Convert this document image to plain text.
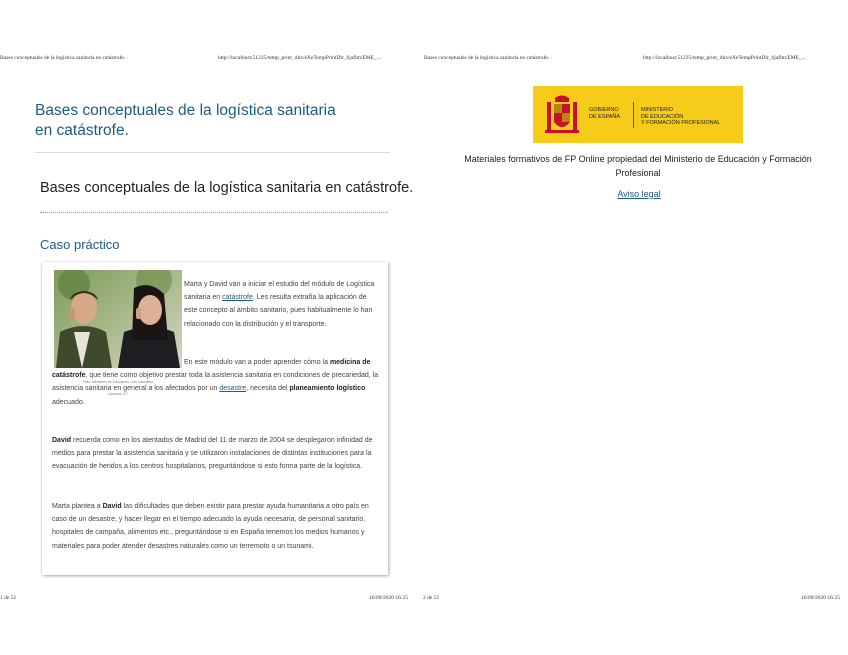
Bases conceptuales de la logística sanitaria en catástrofe.	http://localhost:51235/temp_print_dirs/eXeTempPrintDir_6jaflm/EME_...	Bases conceptuales de la logística sanitaria en catástrofe.	http://localhost:51235/temp_print_dirs/eXeTempPrintDir_6jaflm/EME_...
Bases conceptuales de la logística sanitaria en catástrofe.
Bases conceptuales de la logística sanitaria en catástrofe.
Caso práctico
Foto: Ministerio de Educación. Uso educativo
Licencia: CC

Marta y David van a iniciar el estudio del módulo de Logística sanitaria en catástrofe. Les resulta extraña la aplicación de este concepto al ámbito sanitario, pues habitualmente lo han relacionado con la distribución y el transporte.

En este módulo van a poder aprender cómo la medicina de catástrofe, que tiene como objetivo prestar toda la asistencia sanitaria en condiciones de precariedad, la asistencia sanitaria en general a los afectados por un desastre, necesita del planeamiento logístico adecuado.

David recuerda como en los atentados de Madrid del 11 de marzo de 2004 se desplegaron infinidad de medios para prestar la asistencia sanitaria y se utilizaron instalaciones de distintas instituciones para la evacuación de heridos a los centros hospitalarios, preguntándose si esto forma parte de la logística.

Marta plantea a David las dificultades que deben existir para prestar ayuda humanitaria a otro país en caso de un desastre, y hacer llegar en el tiempo adecuado la ayuda necesaria, de personal sanitario, hospitales de campaña, alimentos etc., preguntándose si en España tenemos los medios humanos y materiales para poder atender desastres naturales como un terremoto o un tsunami.

GOBIERNO
DE ESPAÑA
MINISTERIO
DE EDUCACIÓN
Y FORMACIÓN PROFESIONAL
Materiales formativos de FP Online propiedad del Ministerio de Educación y Formación Profesional
Aviso legal
1 de 51	16/09/2020 16:25	2 de 51	16/09/2020 16:25
